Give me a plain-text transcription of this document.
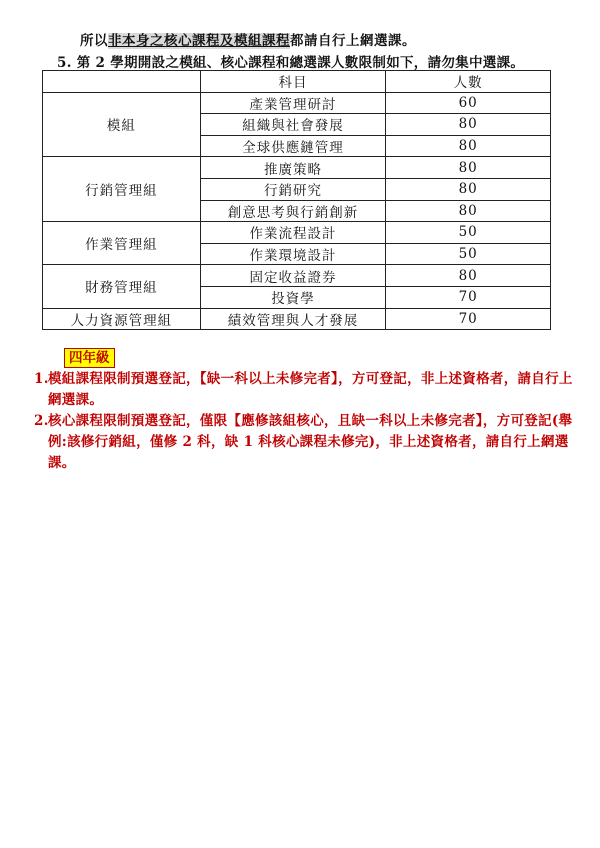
所以非本身之核心課程及模組課程都請自行上網選課。
5. 第 2 學期開設之模組、核心課程和總選課人數限制如下，請勿集中選課。
	科目	人數
模組	產業管理研討	60
	組織與社會發展	80
	全球供應鏈管理	80
行銷管理組	推廣策略	80
	行銷研究	80
	創意思考與行銷創新	80
作業管理組	作業流程設計	50
	作業環境設計	50
財務管理組	固定收益證券	80
	投資學	70
人力資源管理組	績效管理與人才發展	70
四年級
1. 模組課程限制預選登記，【缺一科以上未修完者】，方可登記，非上述資格者，請自行上網選課。
2. 核心課程限制預選登記，僅限【應修該組核心，且缺一科以上未修完者】，方可登記(舉例:該修行銷組，僅修 2 科，缺 1 科核心課程未修完)，非上述資格者，請自行上網選課。
